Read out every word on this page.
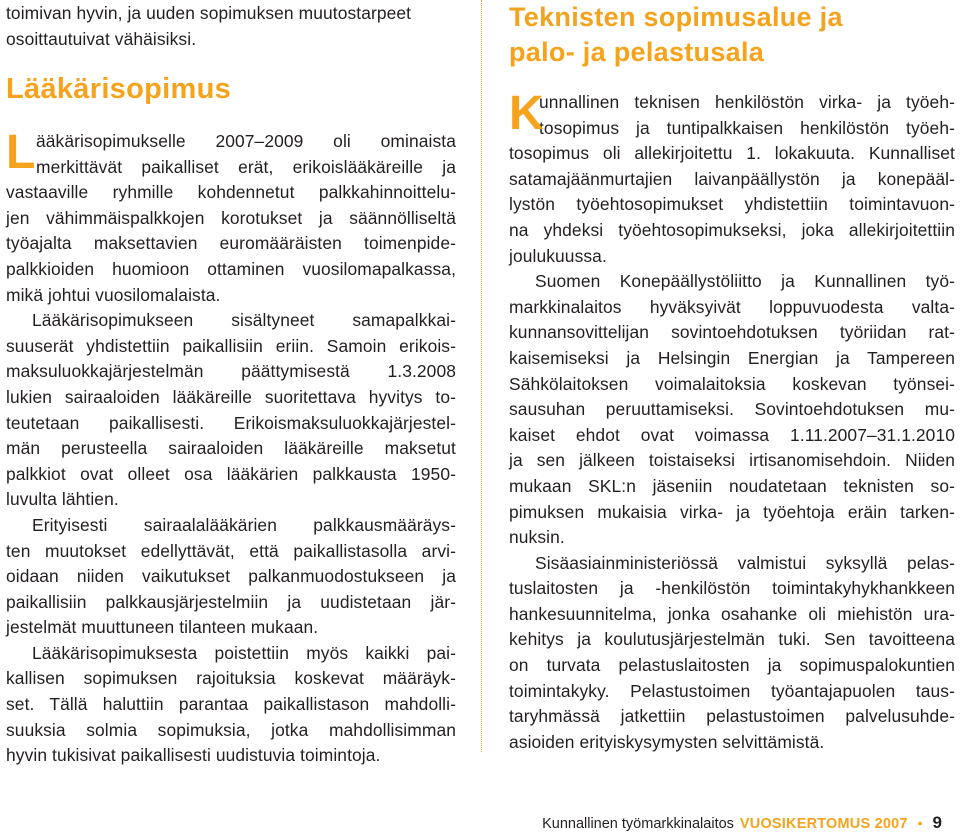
toimivan hyvin, ja uuden sopimuksen muutostarpeet
osoittautuivat vähäisiksi.
Lääkärisopimus
L ääkärisopimukselle 2007–2009 oli ominaista
merkittävät paikalliset erät, erikoislääkäreille ja
vastaaville ryhmille kohdennetut palkkahinnoittelu-
jen vähimmäispalkkojen korotukset ja säännölliseltä
työajalta maksettavien euromääräisten toimenpide-
palkkioiden huomioon ottaminen vuosilomapalkassa,
mikä johtui vuosilomalaista.
Lääkärisopimukseen sisältyneet samapalkkai-
suuserät yhdistettiin paikallisiin eriin. Samoin erikois-
maksuluokkajärjestelmän päättymisestä 1.3.2008
lukien sairaaloiden lääkäreille suoritettava hyvitys to-
teutetaan paikallisesti. Erikoismaksuluokkajärjestel-
män perusteella sairaaloiden lääkäreille maksetut
palkkiot ovat olleet osa lääkärien palkkausta 1950-
luvulta lähtien.
Erityisesti sairaalalääkärien palkkausmääräys-
ten muutokset edellyttävät, että paikallistasolla arvi-
oidaan niiden vaikutukset palkanmuodostukseen ja
paikallisiin palkkausjärjestelmiin ja uudistetaan jär-
jestelmät muuttuneen tilanteen mukaan.
Lääkärisopimuksesta poistettiin myös kaikki pai-
kallisen sopimuksen rajoituksia koskevat määräyk-
set. Tällä haluttiin parantaa paikallistason mahdolli-
suuksia solmia sopimuksia, jotka mahdollisimman
hyvin tukisivat paikallisesti uudistuvia toimintoja.
Teknisten sopimusalue ja
palo- ja pelastusala
K
unnallinen teknisen henkilöstön virka- ja työeh-
tosopimus ja tuntipalkkaisen henkilöstön työeh-
tosopimus oli allekirjoitettu 1. lokakuuta. Kunnalliset
satamajäänmurtajien laivanpäällystön ja konepääl-
lystön työehtosopimukset yhdistettiin toimintavuon-
na yhdeksi työehtosopimukseksi, joka allekirjoitettiin
joulukuussa.
Suomen Konepäällystöliitto ja Kunnallinen työ-
markkinalaitos hyväksyivät loppuvuodesta valta-
kunnansovittelijan sovintoehdotuksen työriidan rat-
kaisemiseksi ja Helsingin Energian ja Tampereen
Sähkölaitoksen voimalaitoksia koskevan työnsei-
sausuhan peruuttamiseksi. Sovintoehdotuksen mu-
kaiset ehdot ovat voimassa 1.11.2007–31.1.2010
ja sen jälkeen toistaiseksi irtisanomisehdoin. Niiden
mukaan SKL:n jäseniin noudatetaan teknisten so-
pimuksen mukaisia virka- ja työehtoja eräin tarken-
nuksin.
Sisäasiainministeriössä valmistui syksyllä pelas-
tuslaitosten ja -henkilöstön toimintakyhykhankkeen
hankesuunnitelma, jonka osahanke oli miehistön ura-
kehitys ja koulutusjärjestelmän tuki. Sen tavoitteena
on turvata pelastuslaitosten ja sopimuspalokuntien
toimintakyky. Pelastustoimen työantajapuolen taus-
taryhmässä jatkettiin pelastustoimen palvelusuhde-
asioiden erityiskysymysten selvittämistä.
Kunnallinen työmarkkinalaitos VUOSIKERTOMUS 2007 • 9
